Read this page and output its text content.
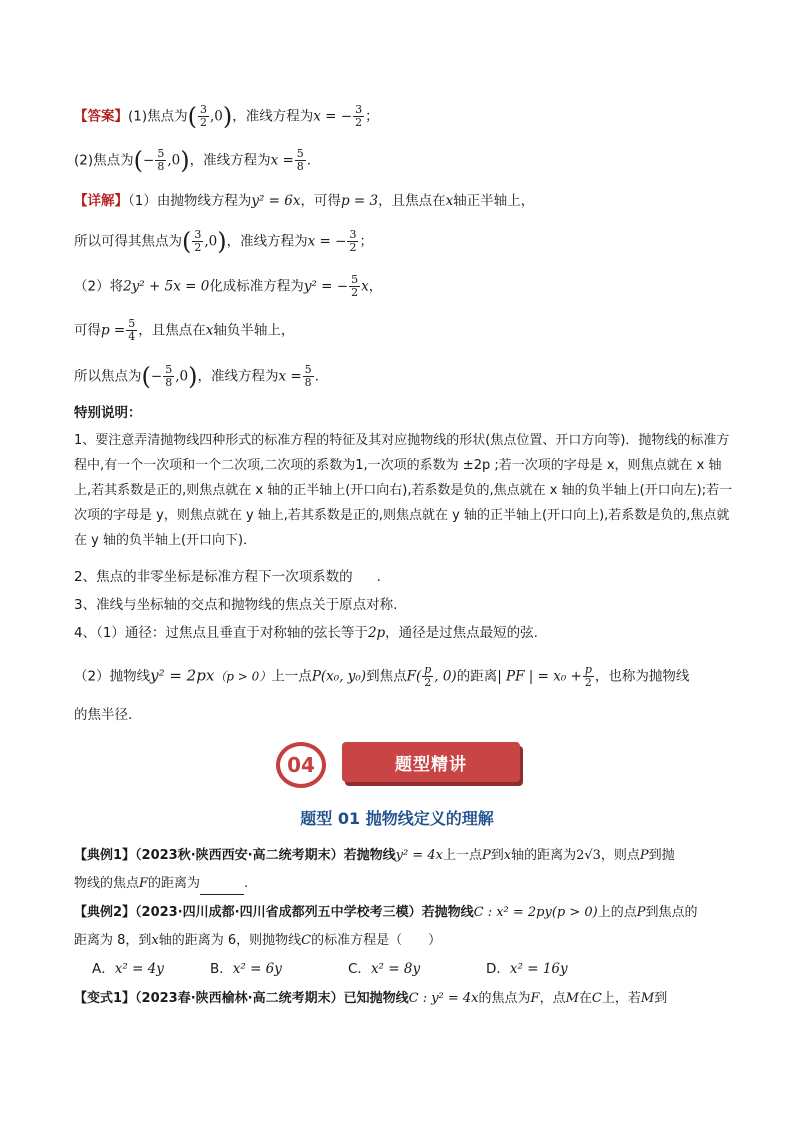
【答案】(1)焦点为( $\frac{3}{2} ,0$)，准线方程为x = − $\frac{3}{2}$ ；
(2)焦点为(− $\frac{5}{8} ,0$)，准线方程为$x = \frac{5}{8}$ .
【详解】（1）由抛物线方程为y² = 6x，可得p = 3，且焦点在x轴正半轴上，
所以可得其焦点为( $\frac{3}{2} ,0$)，准线方程为x = − $\frac{3}{2}$ ；
（2）将2y² + 5x = 0化成标准方程为y² = − $\frac{5}{2}$ x，
可得$p = \frac{5}{4}$ ，且焦点在x轴负半轴上，
所以焦点为(− $\frac{5}{8} ,0$)，准线方程为$x = \frac{5}{8}$ .
特别说明：
1、要注意弄清抛物线四种形式的标准方程的特征及其对应抛物线的形状(焦点位置、开口方向等)．抛物线的标准方程中,有一个一次项和一个二次项,二次项的系数为1,一次项的系数为 ±2p ;若一次项的字母是 x，则焦点就在 x 轴上,若其系数是正的,则焦点就在 x 轴的正半轴上(开口向右),若系数是负的,焦点就在 x 轴的负半轴上(开口向左);若一次项的字母是 y，则焦点就在 y 轴上,若其系数是正的,则焦点就在 y 轴的正半轴上(开口向上),若系数是负的,焦点就在 y 轴的负半轴上(开口向下)．
2、焦点的非零坐标是标准方程下一次项系数的 .
3、准线与坐标轴的交点和抛物线的焦点关于原点对称.
4、（1）通径：过焦点且垂直于对称轴的弦长等于2p，通径是过焦点最短的弦.
（2）抛物线y² = 2px（p > 0）上一点P(x₀, y₀)到焦点$F( \frac{p}{2}$ , 0)的距离| PF | = $x_0 + \frac{p}{2}$ ，也称为抛物线
的焦半径.
04	题型精讲
题型 01 抛物线定义的理解
【典例1】（2023秋·陕西西安·高二统考期末）若抛物线y² = 4x上一点P到x轴的距离为2√3，则点P到抛
物线的焦点F的距离为	.
【典例2】（2023·四川成都·四川省成都列五中学校考三模）若抛物线C : x² = 2py(p > 0)上的点P到焦点的
距离为 8，到x轴的距离为 6，则抛物线C的标准方程是（　　）
A．x² = 4y	B．x² = 6y	C．x² = 8y	D．x² = 16y
【变式1】（2023春·陕西榆林·高二统考期末）已知抛物线C : y² = 4x的焦点为F，点M在C上，若M到
